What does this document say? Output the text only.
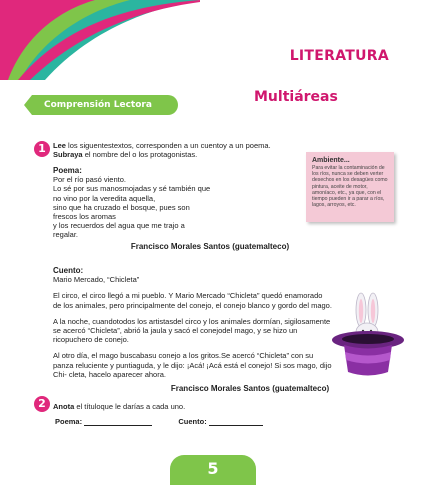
LITERATURA
Comprensión Lectora	Multiáreas
1 Lee los siguentestextos, corresponden a un cuentoy a un poema.
Subraya el nombre del o los protagonistas.
Poema:
Por el río pasó viento.
Lo sé por sus manosmojadas y sé también que
no vino por la veredita aquella,
sino que ha cruzado el bosque, pues son
frescos los aromas
y los recuerdos del agua que me trajo a
regalar.
Francisco Morales Santos (guatemalteco)
Cuento:
Mario Mercado, “Chicleta”
El circo, el circo llegó a mi pueblo. Y Mario Mercado “Chicleta” quedó enamorado
de los animales, pero principalmente del conejo, el conejo blanco y gordo del mago.
A la noche, cuandotodos los artistasdel circo y los animales dormían, sigilosamente
se acercó “Chicleta”, abrió la jaula y sacó el conejodel mago, y se hizo un
ricopuchero de conejo.
Al otro día, el mago buscabasu conejo a los gritos.Se acercó “Chicleta” con su
panza reluciente y puntiaguda, y le dijo: ¡Acá! ¡Acá está el conejo! Si sos mago, dijo
Chi- cleta, hacelo aparecer ahora.
Francisco Morales Santos (guatemalteco)
Ambiente...
Para evitar la contaminación de los ríos, nunca se deben verter desechos en los desagües como pintura, aceite de motor, amoníaco, etc., ya que, con el tiempo pueden ir a parar a ríos, lagos, arroyos, etc.
2 Anota el títuloque le darías a cada uno.
Poema:	Cuento:
5
